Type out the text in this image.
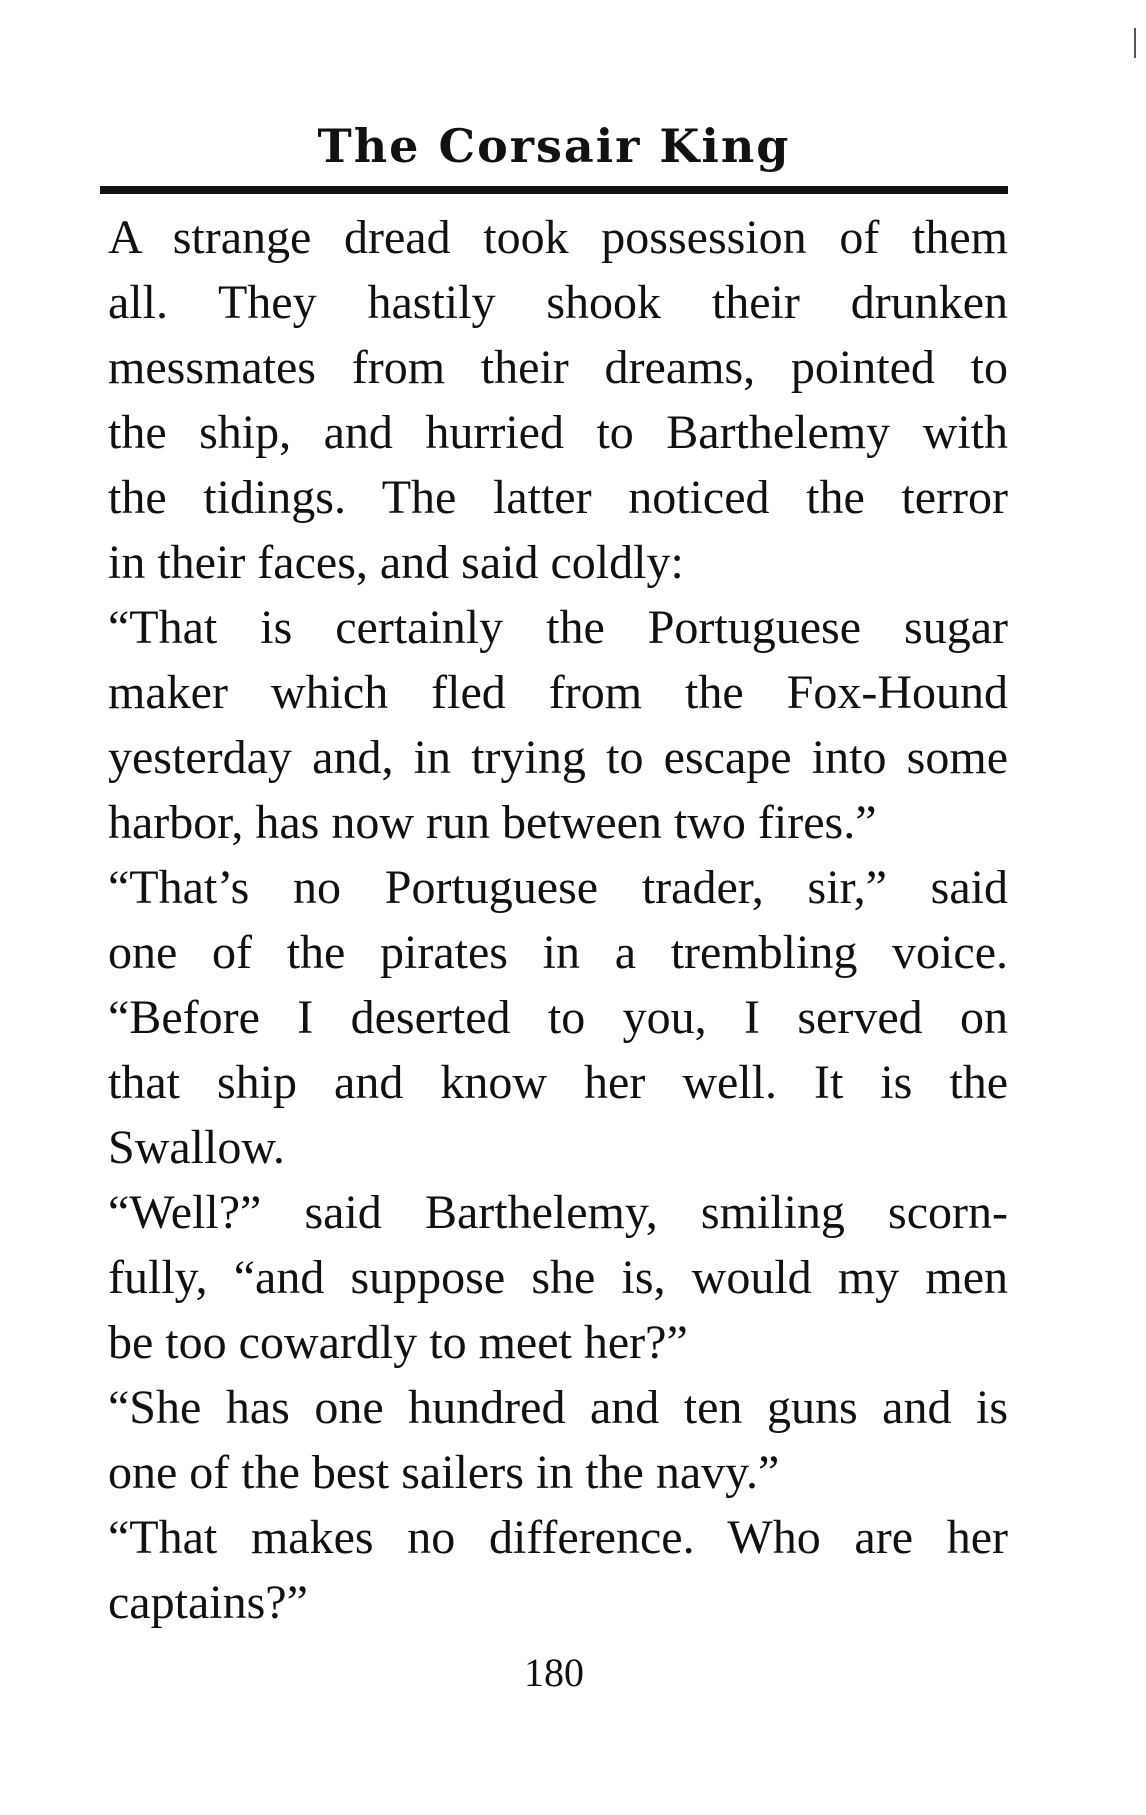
The Corsair King
A strange dread took possession of them
all. They hastily shook their drunken
messmates from their dreams, pointed to
the ship, and hurried to Barthelemy with
the tidings. The latter noticed the terror
in their faces, and said coldly:
“That is certainly the Portuguese sugar
maker which fled from the Fox-Hound
yesterday and, in trying to escape into some
harbor, has now run between two fires.”
“That’s no Portuguese trader, sir,” said
one of the pirates in a trembling voice.
“Before I deserted to you, I served on
that ship and know her well. It is the
Swallow.
“Well?” said Barthelemy, smiling scorn-
fully, “and suppose she is, would my men
be too cowardly to meet her?”
“She has one hundred and ten guns and is
one of the best sailers in the navy.”
“That makes no difference. Who are her
captains?”
180
